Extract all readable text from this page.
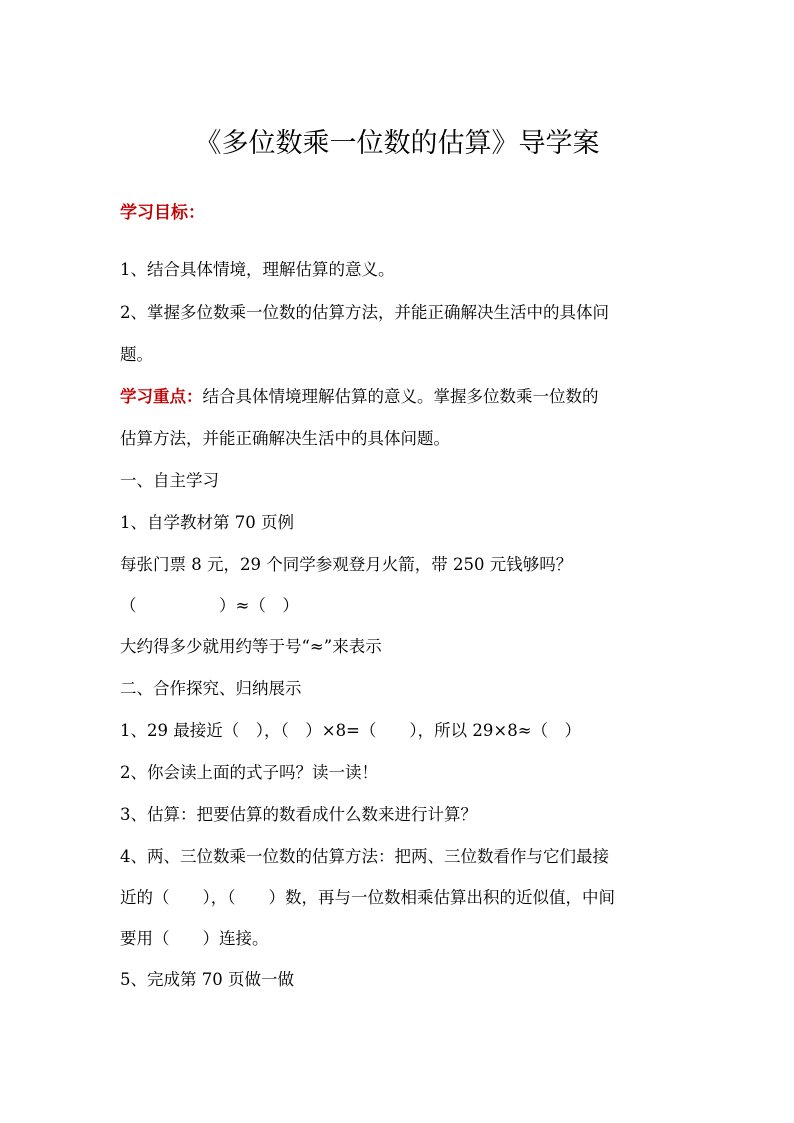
《多位数乘一位数的估算》导学案
学习目标：
1、结合具体情境，理解估算的意义。
2、掌握多位数乘一位数的估算方法，并能正确解决生活中的具体问
题。
学习重点：结合具体情境理解估算的意义。掌握多位数乘一位数的
估算方法，并能正确解决生活中的具体问题。
一、自主学习
1、自学教材第 70 页例
每张门票 8 元，29 个同学参观登月火箭，带 250 元钱够吗？
（　　　　　）≈（　）
大约得多少就用约等于号“≈”来表示
二、合作探究、归纳展示
1、29 最接近（　），（　）×8=（　　），所以 29×8≈（　）
2、你会读上面的式子吗？读一读！
3、估算：把要估算的数看成什么数来进行计算？
4、两、三位数乘一位数的估算方法：把两、三位数看作与它们最接
近的（　　），（　　）数，再与一位数相乘估算出积的近似值，中间
要用（　　）连接。
5、完成第 70 页做一做
